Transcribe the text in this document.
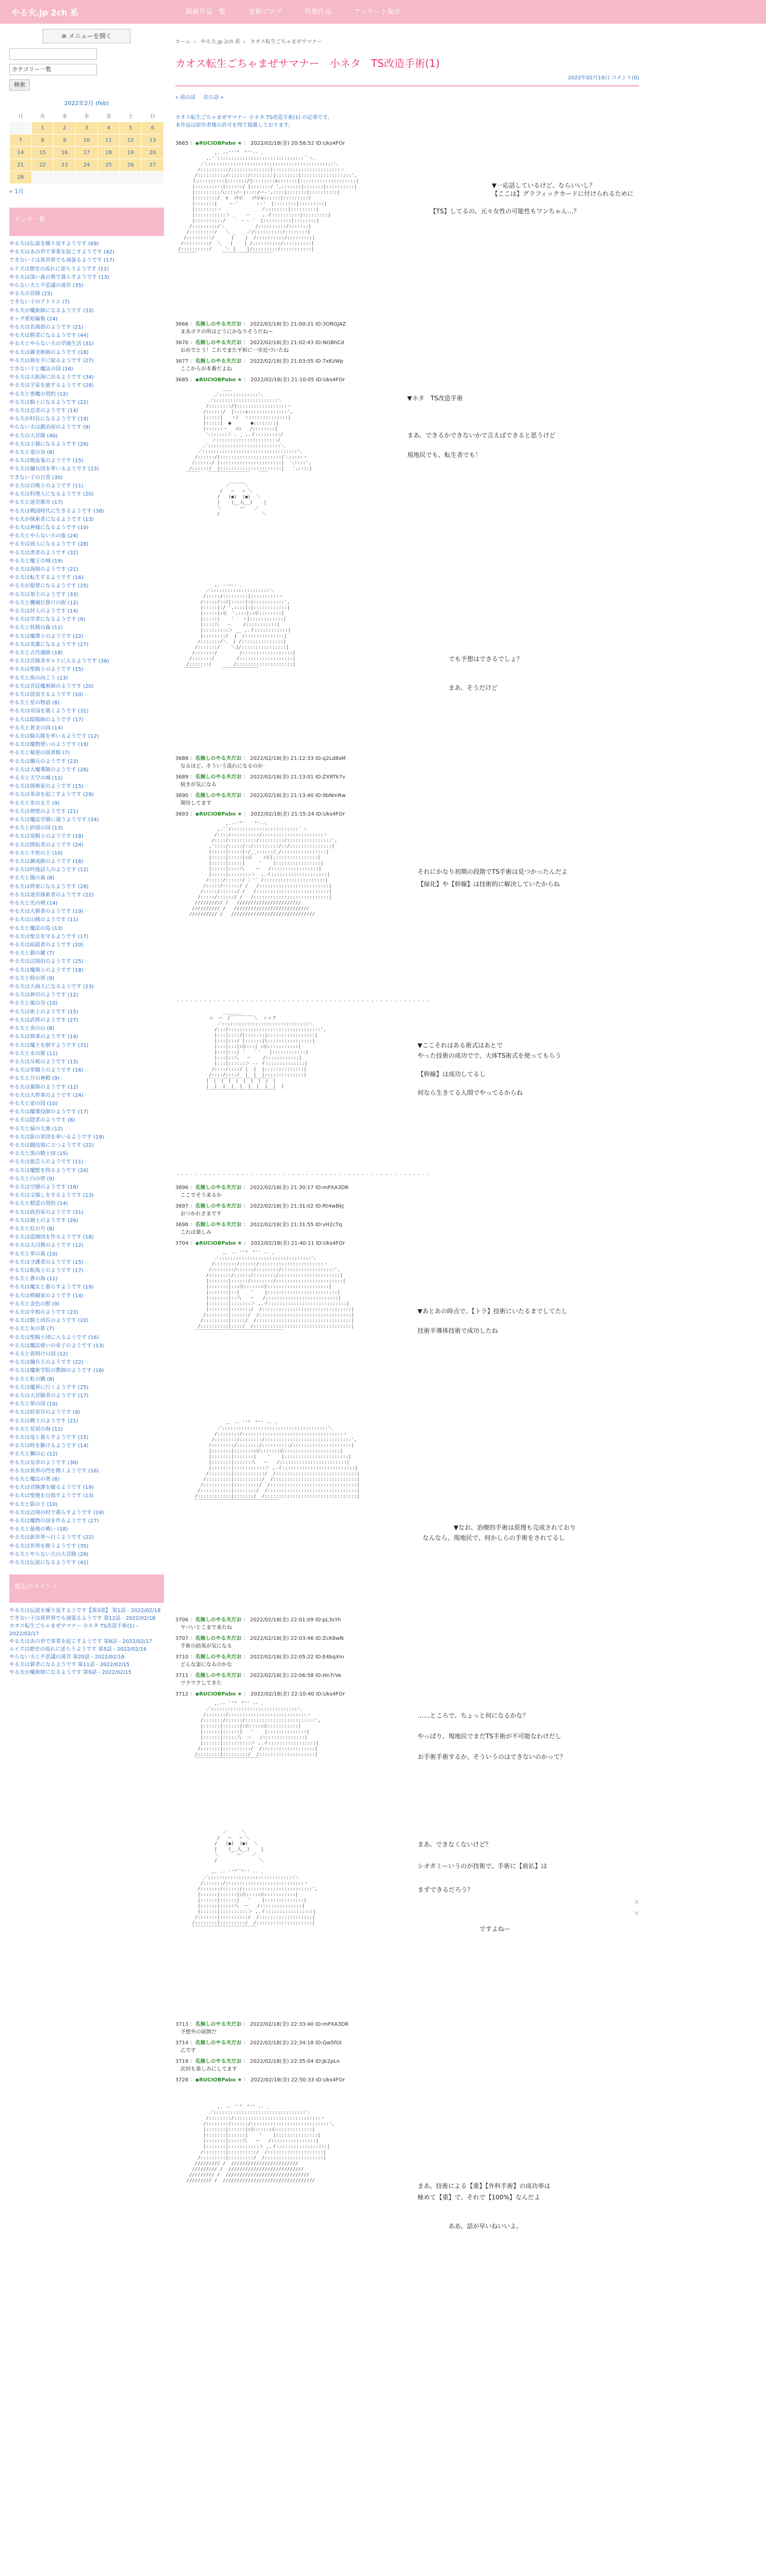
やる夫.jp 2ch 系	掲載作品一覧	更新ブログ	特集作品	アンケート集計
≡ メニューを開く
カテゴリー一覧
検索
2022年2月 (feb)
月	火	水	木	金	土	日
	1	2	3	4	5	6
7	8	9	10	11	12	13
14	15	16	17	18	19	20
21	22	23	24	25	26	27
28						
« 1月
リンク一覧
やる夫は伝説を繰り返すようです (69)
やる夫はあの世で事業を起こすようです (42)
できない子は異世界でも頑張るようです (17)
ルイズは歴史の流れに逆らうようです (11)
やる夫は深い森の奥で暮らすようです (13)
やらない夫と不思議の迷宮 (35)
やる夫の冒険 (25)
できない子のアトリエ (7)
やる夫が魔術師になるようです (33)
ギャグ系短編集 (24)
やる夫は名探偵のようです (21)
やる夫は賢者になるようです (44)
やる夫とやらない夫の学園生活 (31)
やる夫は錬金術師のようです (18)
やる夫は剣を手に取るようです (27)
できない子と魔法の国 (16)
やる夫は大航海に出るようです (34)
やる夫は宇宙を旅するようです (29)
やる夫と悪魔の契約 (12)
やる夫は騎士になるようです (22)
やる夫は忍者のようです (14)
やる夫が村長になるようです (19)
やらない夫は鍛冶屋のようです (9)
やる夫の大冒険 (40)
やる夫は王様になるようです (26)
やる夫と竜の谷 (8)
やる夫は吸血鬼のようです (15)
やる夫は傭兵団を率いるようです (23)
できない子の日常 (30)
やる夫は召喚士のようです (11)
やる夫は料理人になるようです (20)
やる夫と迷宮都市 (17)
やる夫は戦国時代に生きるようです (38)
やる夫が探索者になるようです (13)
やる夫は神様になるようです (10)
やる夫とやらない夫の旅 (24)
やる夫は商人になるようです (28)
やる夫は勇者のようです (32)
やる夫と魔王の城 (19)
やる夫は海賊のようです (21)
やる夫は転生するようです (16)
やる夫が提督になるようです (25)
やる夫は領主のようです (33)
やる夫と機械仕掛けの街 (12)
やる夫は狩人のようです (14)
やる夫は学者になるようです (9)
やる夫と妖精の森 (11)
やる夫は魔導士のようです (22)
やる夫は英雄になるようです (27)
やる夫と古代遺跡 (18)
やる夫は冒険者ギルドに入るようです (36)
やる夫は聖騎士のようです (15)
やる夫と海の向こう (13)
やる夫は宮廷魔術師のようです (20)
やる夫は放浪するようです (10)
やる夫と星の物語 (8)
やる夫は帝国を築くようです (31)
やる夫は陰陽師のようです (17)
やる夫と黄金の国 (14)
やる夫は騎兵隊を率いるようです (12)
やる夫は魔物使いのようです (19)
やる夫と秘密の図書館 (7)
やる夫は傭兵のようです (23)
やる夫は大魔導師のようです (26)
やる夫と天空の城 (11)
やる夫は探検家のようです (15)
やる夫は革命を起こすようです (29)
やる夫と氷の女王 (9)
やる夫は剣聖のようです (21)
やる夫は魔法学園に通うようです (34)
やる夫と砂漠の国 (13)
やる夫は竜騎士のようです (18)
やる夫は開拓者のようです (24)
やる夫と不死の王 (10)
やる夫は錬成師のようです (16)
やる夫は吟遊詩人のようです (12)
やる夫と闇の森 (8)
やる夫は将軍になるようです (28)
やる夫は迷宮探索者のようです (22)
やる夫と光の剣 (14)
やる夫は大賢者のようです (19)
やる夫は山賊のようです (11)
やる夫と魔法の島 (13)
やる夫は聖女を守るようです (17)
やる夫は暗殺者のようです (20)
やる夫と銀の鍵 (7)
やる夫は辺境伯のようです (25)
やる夫は魔剣士のようです (18)
やる夫と時の塔 (9)
やる夫は大商人になるようです (23)
やる夫は神官のようです (12)
やる夫と風の谷 (10)
やる夫は術士のようです (15)
やる夫は武将のようです (27)
やる夫と炎の山 (8)
やる夫は執事のようです (14)
やる夫は魔王を倒すようです (31)
やる夫と水の都 (11)
やる夫は斥候のようです (13)
やる夫は拳闘士のようです (16)
やる夫と月の神殿 (9)
やる夫は薬師のようです (12)
やる夫は大将軍のようです (24)
やる夫と雷の国 (10)
やる夫は魔導技師のようです (17)
やる夫は隠者のようです (8)
やる夫と緑の大地 (12)
やる夫は影の軍団を率いるようです (19)
やる夫は闘技場に立つようです (22)
やる夫と黒の騎士団 (15)
やる夫は旅芸人のようです (11)
やる夫は魔獣を狩るようです (20)
やる夫と白の塔 (9)
やる夫は空賊のようです (16)
やる夫は宝探しをするようです (13)
やる夫と精霊の契約 (14)
やる夫は政治家のようです (21)
やる夫は剣士のようです (26)
やる夫と紅の月 (8)
やる夫は盗賊団を作るようです (18)
やる夫は大司教のようです (12)
やる夫と翠の森 (10)
やる夫は守護者のようです (15)
やる夫は航海士のようです (17)
やる夫と蒼の海 (11)
やる夫は魔女と暮らすようです (19)
やる夫は格闘家のようです (14)
やる夫と金色の獣 (9)
やる夫は宰相のようです (23)
やる夫は騎士団長のようです (20)
やる夫と灰の都 (7)
やる夫は聖騎士団に入るようです (16)
やる夫は魔法使いの弟子のようです (13)
やる夫と夜明けの国 (12)
やる夫は傭兵王のようです (22)
やる夫は魔術学院の教師のようです (18)
やる夫と虹の橋 (8)
やる夫は魔界に行くようです (25)
やる夫は大冒険者のようです (17)
やる夫と夢の国 (10)
やる夫は紋章官のようです (9)
やる夫は戦士のようです (21)
やる夫と星屑の海 (11)
やる夫は竜と暮らすようです (15)
やる夫は時を駆けるようです (14)
やる夫と鋼の心 (12)
やる夫は皇帝のようです (30)
やる夫は異界の門を開くようです (16)
やる夫と魔法の書 (8)
やる夫は冒険譚を綴るようです (19)
やる夫は聖地を目指すようです (13)
やる夫と影の王 (10)
やる夫は辺境の村で暮らすようです (24)
やる夫は魔物の国を作るようです (27)
やる夫と最後の戦い (18)
やる夫は新世界へ行くようです (22)
やる夫は世界を救うようです (35)
やる夫とやらない夫の大冒険 (29)
やる夫は伝説になるようです (41)
最近のコメント
やる夫は伝説を繰り返すようです【第3部】 第1話 - 2022/02/18
できない子は異世界でも頑張るようです 第12話 - 2022/02/18
カオス転生ごちゃまぜサマナー 小ネタ TS改造手術(1) - 2022/02/17
やる夫はあの世で事業を起こすようです 第8話 - 2022/02/17
ルイズは歴史の流れに逆らうようです 第5話 - 2022/02/16
やらない夫と不思議の迷宮 第20話 - 2022/02/16
やる夫は賢者になるようです 第11話 - 2022/02/15
やる夫が魔術師になるようです 第9話 - 2022/02/15
ホーム › やる夫.jp 2ch 系 › カオス転生ごちゃまぜサマナー
カオス転生ごちゃまぜサマナー　小ネタ　TS改造手術(1)
2022年02月19日 コメント(0)
« 前の話 次の話 »
カオス転生ごちゃまぜサマナー 小ネタ TS改造手術(1) の記事です。
本作品は原作者様の許可を得て掲載しております。
3665 ：◆RUCIOBPabo ★ ： 2022/02/18(金) 20:58:52 ID:Uks4FOr
,. -‐'''"￣"''‐- 、
,.'´:::::::::::::::::::::::::::::::｀ヽ、
／::::::::::::::::::::::::::::::::::::::::::::::＼
/::::::::::/::::::::::::::|::::::::::::::::::::::::ヽ
/::::::::::/:::::::/::::::::|::::::::|::::::::::::::::::',
ｌ::::::::::|:::::::/|::::::::∧:::::::|::::::::::::::::::::|
|::::::::::|::::::/ |:::::::/ ',:::::::|:::::::|::::::::::|
|:::::::::八::::/ー|::::/ー-',::::|:::::::|::::::::::|
|::::::::/  ∨  ｨﾃ示   ｨﾃ示∨::::::|:::::::::|
|:::::::|    ゝ-'      ゝ-'  |::::::::|:::::::::|
|::::::::ヽ       ′      ノ::::::::|:::::::::|
|:::::::::::＞ 、   ー    ,.イ::::::::::|:::::::::|
|::::::::::/   ｀ ｰ ‐ ´  |::::::::::|::::::::|
/:::::::::/＼           /::::::::::/:::::::|
/:::::::::/   ＼ _  _ ／/::::::::::/::::::::|
/:::::::::/      |    |  /::::::::::/:::::::::|
/:::::::::/  ＼   |    | /::::::::::/::::::::::|
/::::::::::/     ＼ |    |/:::::::::/:::::::::::|
￣￣￣￣         ￣￣￣￣￣￣￣￣￣￣￣
▼一応話しているけど、ならいいし？
【ここは】グラフィックカードに付けられるために
【TS】してるの、元々女性の可能性もワンちゃん…？
3666 ：名無しのやる夫だお ： 2022/02/18(金) 21:00:21 ID:3ORGJAZ
まあボクの所はどうにかなりそうだねー
3670 ：名無しのやる夫だお ： 2022/02/18(金) 21:02:43 ID:NGBhCd
おめでとう！これでまた平和に一歩近づいたね
3677 ：名無しのやる夫だお ： 2022/02/18(金) 21:03:05 ID:7xKzWp
ここからが本番だよね
3685 ：◆RUCIOBPabo ★ ： 2022/02/18(金) 21:10:05 ID:Uks4FOr
＿＿
／::::::::::::::＼
／:::::::::::::::::::::::＼
/::::::::/|::::::::::::::::::ヽ
/::::::/  |::::∧::::::::::::::',
|:::::|   ヽ/  ヽ::::::::::::::|
|:::::|  ●       ●::::::::|
|::::::ヽ   ⊂⊃   /::::::::|
＼::::::＞ 、_ ,.イ:::::::::/
＞::::::::::::::::::::::/
／::::::::::::::::::::::::::＼
／::::::::::::::::::::::::::::::::::＼
/::::::/|::::::::::::::::::::::|＼:::::ヽ
/::::::/ |::::::::::::::::::::::|  ＼::::',
/::::::/  |::::::::::::::::::::::|   ',::::|
￣￣￣   ￣￣￣￣￣￣￣￣￣   ￣￣

／￣￣￣＼
/   ─   ─ ＼
/   (●)  (●)  ＼
|    (__人__)    |
＼    ｀ ⌒´   ／
/               ＼
▼ネタ　TS改造手術
まあ、できるかできないかで言えばできると思うけど
現地民でも、転生者でも！
,. -‐―‐- 、
／:::::::::::::::::::::＼
/:::::/:::::::::|::::::::::ヽ
/:::::/::/|:::::|:|:::::::::::',
|:::::|:/ ',::::|:|::::::::::::|
|:::::|ｨ示  ',:::|:ｨ示::::::::|
|:::::|    '   ヽ|::::::::::::|
|::::八   ー    /:::::::::::|
|:::::::::＞ __ ,.イ::::::::::::|
|::::::::/  |  /::::::::::::::|
/:::::::/＼  | /:::::::::::::::|
/:::::::/    ＼|/::::::::::::::::|
/:::::::/        /::::::::::::::::::|
/:::::::/        /:::::::::::::::::::|
/:::::::/        /::::::::::::::::::::|
￣￣￣￣       ￣￣￣￣￣￣￣￣
でも予想はできるでしょ？
まあ、そうだけど
3688 ：名無しのやる夫だお ： 2022/02/18(金) 21:12:33 ID:q2Ld8sM
なるほど、そういう流れになるのか
3689 ：名無しのやる夫だお ： 2022/02/18(金) 21:13:01 ID:ZXRTk7v
続きが気になる
3690 ：名無しのやる夫だお ： 2022/02/18(金) 21:13:40 ID:9bNmRw
期待してます
3693 ：◆RUCIOBPabo ★ ： 2022/02/18(金) 21:15:24 ID:Uks4FOr
,.-‐'"´￣｀"'‐-、
,.'´/::::::::::::::::::::::::｀ヽ
/::::/::::::::::/::::::::::::::::::::::ヽ
/::::/::::::::::/:::::::::/::::::::::::::::',
,'::::/:::::/::/:::::::::/::/:::::::::::::::|
|:::::|:::::|:/__::::::/_/::::::::::::::::|
|:::::|:::::|ｨ示    ｨ示|::::::::::::::::|
|:::::|:::::|     '    |::::::::::::::::|
|:::::|::::八    ー   /:::::::::::::::::|
|:::::|::::::::＞  ,.イ::::::::::::::::::::|
/:::::/::::::/ 〉'´ /::::::::::::::::::::::|
/:::::/::::::/ /   /:::::::::::::::::::::::::|
/:::::/::::::/ /   /::::::::::::::::::::::::::|
/:::::/::::::/ /   /:::::::::::::::::::::::::::|
////////// /   ///////////////////////
////////// /   ///////////////////////////
////////// /   //////////////////////////////
それにかなり初期の段階でTS手術は見つかったんだよ
【緑化】や【幹線】は技術的に解決していたからね
・・・・・・・・・・・・・・・・・・・・・・・・・・・・・・・・・・・・・・・・・・・・・・・・・・・・・・・
＿＿＿＿
ニ　ハ　/￣￣￣￣￣＼　ァァア
／:::::::::::::::::::::::::::::::＼
/:::/:::::::::::::::::::::::::::::::::',
|:::|::::/|:::::::|:::::::::::::::::|
|:::|:::/ |::::::|\::::::::::::::::|
|:::|:::|ｨ示:::| ｨ示:::::::::::|
|:::|:::| '   ｀'   |::::::::::::|
|:::|::八   ー    /::::::::::::|
|:::|::::::＞ -‐ イ::::::::::::::|
/::::/::::/ |  |  |::::::::::::::|
/::::/::::/  |  |  |::::::::::::::|
|￣|￣|￣|￣|￣|￣|￣|￣|￣|
|  |  |  |  |  |  |  |  |  |
￣￣￣￣￣￣￣￣￣￣￣￣￣￣￣
▼ここそれはある術式はあとで
やった技術の成功でで、大体TS術式を使ってもらう
【幹線】は成功してるし
何なら生きてる人間でやってるからね
・・・・・・・・・・・・・・・・・・・・・・・・・・・・・・・・・・・・・・・・・・・・・・・・・・・・・・・
3696 ：名無しのやる夫だお ： 2022/02/18(金) 21:30:17 ID:mPXA3DR
ここでそう来るか
3697 ：名無しのやる夫だお ： 2022/02/18(金) 21:31:02 ID:Rt4wBkJ
おつかれさまです
3698 ：名無しのやる夫だお ： 2022/02/18(金) 21:31:55 ID:vH2cTq
これは楽しみ
3704 ：◆RUCIOBPabo ★ ： 2022/02/18(金) 21:40:11 ID:Uks4FOr
,. -‐ ''"￣"'' ‐- 、
／:::::::::::::::::::::::::::::::::＼
/::::::::/::::::/:::::::::::::::::::::::ヽ
/::::::::/::::::/::::::::/:::::::::::::::::::',
/::::::::/::::::/::::::::/::::::::::::::::::::::|
|:::::::|::::::/::::::::/::::::::::::::::::::::::|
|:::::::|::ｨ示::::::ｨ示::::::::::::::::::::::|
|:::::::|::|    '    |:::::::::::::::::::::::::|
|:::::::|::八   ー   /::::::::::::::::::::::::::|
|:::::::|:::::::＞ ,.イ::::::::::::::::::::::::::::|
|:::::::|:::::::/  /::::::::::::::::::::::::::::::::|
/::::::::|::::::/  /:::::::::::::::::::::::::::::::::|
/:::::::::|:::::/  /::::::::::::::::::::::::::::::::::|
/::::::::::|::::/  /:::::::::::::::::::::::::::::::::::|
￣￣￣￣￣￣￣￣￣￣￣￣￣￣￣￣￣￣￣
▼あとあの時点で、【トラ】技術にいたるまでしてたし
技術半導体技術で成功したね
,. -‐ ''"￣"'' ‐- 、
／::::::::::::::::::::::::::::::::::::::＼
/::::::::/::::::::::::::::::::::::::::::::::::ヽ
/::::::::/::::::::/:::::::::::::::::::::::::::::::',
/::::::::/::::::::/::::::::::/:::::::::::::::::::::|
|:::::::|:::::::ｨ示::::::ｨ示::::::::::::::::::::|
|:::::::|:::::::|    '    |:::::::::::::::::::::::|
|:::::::|::::::八   ー   /::::::::::::::::::::::::|
|:::::::|:::::::::::＞ ,.イ::::::::::::::::::::::::::|
/::::::::|:::::::::::/  /:::::::::::::::::::::::::::::|
/:::::::::|::::::::::/  /::::::::::::::::::::::::::::::|
/::::::::::|:::::::::/  /:::::::::::::::::::::::::::::::|
/:::::::::::|::::::::/  /::::::::::::::::::::::::::::::::|
/::::::::::::|:::::::/  /:::::::::::::::::::::::::::::::::|
￣￣￣￣￣￣￣￣￣￣￣￣￣￣￣￣￣￣
▼なお、治療的手術は原理も完成されており
なんなら、現地民で、何かしらの手術をされてるし
3706 ：名無しのやる夫だお ： 2022/02/18(金) 22:01:09 ID:pL3sYh
ヤバいとこまで来たね
3707 ：名無しのやる夫だお ： 2022/02/18(金) 22:03:46 ID:ZcK8wN
手術の結果が気になる
3710 ：名無しのやる夫だお ： 2022/02/18(金) 22:05:22 ID:E4bqXm
どんな姿になるのかな
3711 ：名無しのやる夫だお ： 2022/02/18(金) 22:06:58 ID:Hn7rVe
ワクワクしてきた
3712 ：◆RUCIOBPabo ★ ： 2022/02/18(金) 22:10:40 ID:Uks4FOr
,.-‐ ''"￣"'' ‐- 、
／:::::::::::::::::::::::::::::::＼
/:::::::/::::::::::::::::::::::::::::ヽ
/:::::::/::::::/:::::::::::::::::::::::::',
|::::::|::::::|ｨ示::::ｨ示:::::::::::|
|::::::|::::::|   '    |::::::::::::::|
|::::::|:::::八  ー   /:::::::::::::::|
|::::::|::::::::::＞ ,.イ:::::::::::::::::|
/:::::::|::::::::::/  /:::::::::::::::::::|
/::::::::|:::::::::/  /::::::::::::::::::::|
￣￣￣￣￣￣￣￣￣￣￣￣￣￣
……ところで、ちょっと何になるかな？
やっぱり、現地民でまだTS手術が不可能なわけだし
お手術手術するか、そういうのはできないのかって？
／￣￣￣＼
/   ─   ─ ＼
/   (●)  (●)  ＼
|    (__人__)    |
＼    ｀ ⌒´   ／
/               ＼

,. -‐ ''"￣"'' ‐- 、
／:::::::::::::::::::::::::::::::＼
/:::::::/::::::::::::::::::::::::::::ヽ
/:::::::/::::::/:::::::::::::::::::::::::',
|::::::|::::::|ｨ示::::ｨ示:::::::::::|
|::::::|::::::|   '    |::::::::::::::|
|::::::|:::::八  ー   /:::::::::::::::|
|::::::|::::::::::＞ ,.イ:::::::::::::::::|
/:::::::|::::::::::/  /:::::::::::::::::::|
/::::::::|:::::::::/  /::::::::::::::::::::|
￣￣￣￣￣￣￣￣￣￣￣￣￣￣
まあ、できなくないけど？
シオガミーいうのが技術で、手術に【前払】は
まずできるだろう？
ですよねー
3713 ：名無しのやる夫だお ： 2022/02/18(金) 22:33:40 ID:mPXA3DR
予想外の展開だ
3714 ：名無しのやる夫だお ： 2022/02/18(金) 22:34:18 ID:Qw5fGt
乙です
3719 ：名無しのやる夫だお ： 2022/02/18(金) 22:35:04 ID:Jk2pLn
次回も楽しみにしてます
3728 ：◆RUCIOBPabo ★ ： 2022/02/18(金) 22:50:33 ID:Uks4FOr
,. -‐ ''"￣"'' ‐- 、
／:::::::::::::::::::::::::::::::::＼
/::::::::/:::::::::::::::::::::::::::::::ヽ
/::::::::/::::::/::::::::::::::::::::::::::::',
|:::::::|::::::|ｨ示:::::ｨ示:::::::::::::|
|:::::::|::::::|    '    |:::::::::::::::|
|:::::::|:::::八   ー   /::::::::::::::::|
|:::::::|:::::::::::＞ ,.イ::::::::::::::::::|
/::::::::|::::::::::/  /::::::::::::::::::::|
/:::::::::|:::::::::/  /:::::::::::::::::::::|
///////// /  ////////////////////////
///////// /  ///////////////////////////
///////// /  //////////////////////////////
///////// /  /////////////////////////////////
まあ、技術による【重】【外科手術】の成功率は
極めて【重】で、それで【100%】なんだよ
ああ、話が早いねいいよ。
∧
∨
